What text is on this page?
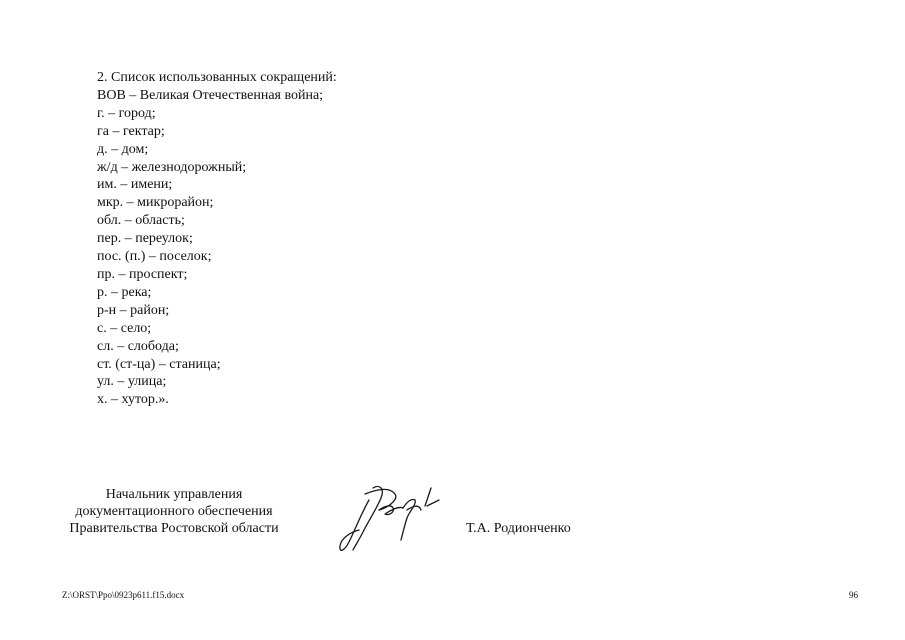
2. Список использованных сокращений:
ВОВ – Великая Отечественная война;
г. – город;
га – гектар;
д. – дом;
ж/д – железнодорожный;
им. – имени;
мкр. – микрорайон;
обл. – область;
пер. – переулок;
пос. (п.) – поселок;
пр. – проспект;
р. – река;
р-н – район;
с. – село;
сл. – слобода;
ст. (ст-ца) – станица;
ул. – улица;
х. – хутор.».
Начальник управления
документационного обеспечения
Правительства Ростовской области	Т.А. Родионченко
Z:\ORST\Ppo\0923p611.f15.docx	96
